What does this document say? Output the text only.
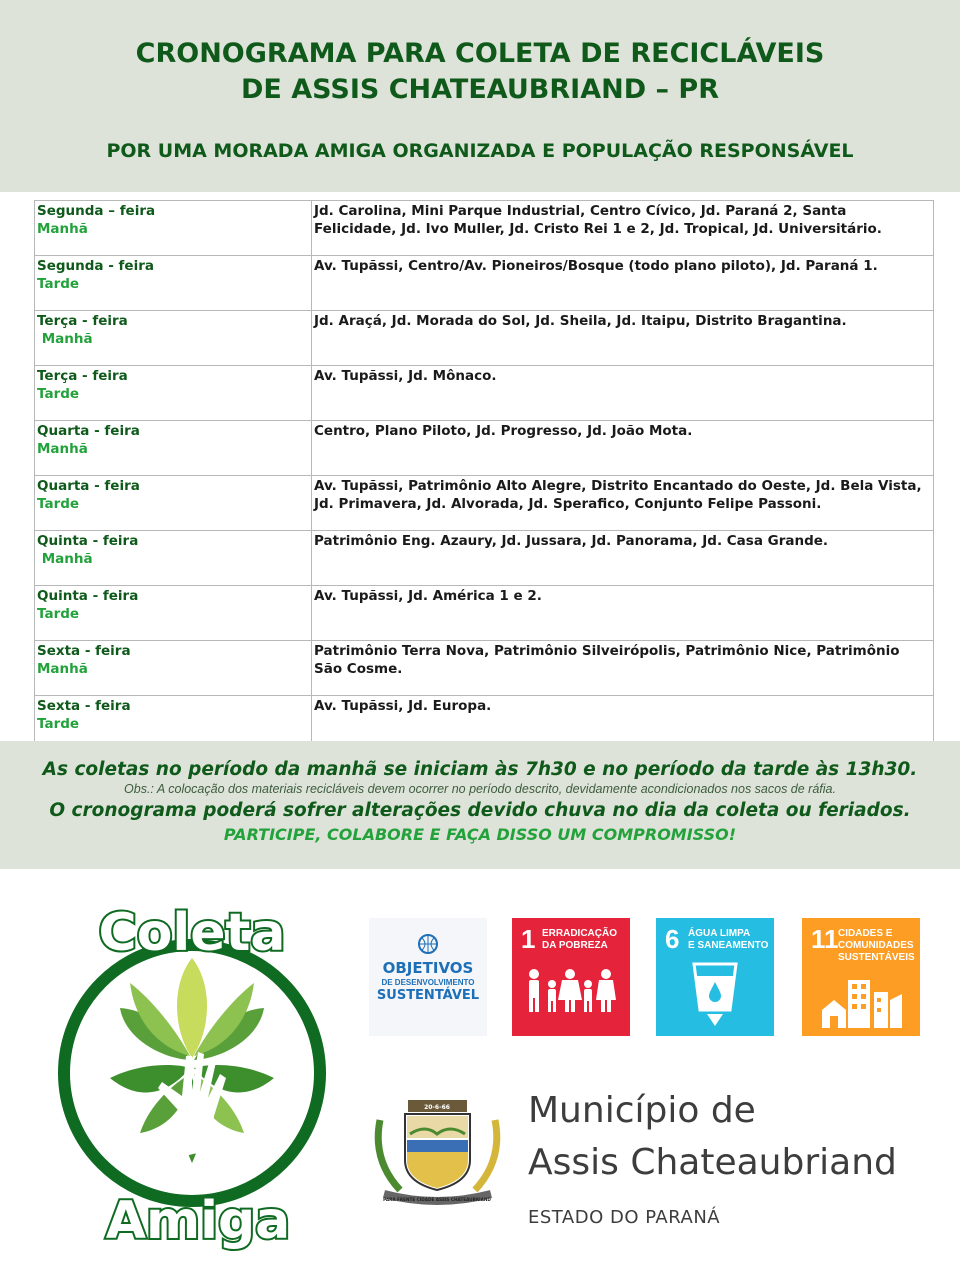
CRONOGRAMA PARA COLETA DE RECICLÁVEIS
DE ASSIS CHATEAUBRIAND – PR
POR UMA MORADA AMIGA ORGANIZADA E POPULAÇÃO RESPONSÁVEL
Segunda – feira
Manhã	Jd. Carolina, Mini Parque Industrial, Centro Cívico, Jd. Paraná 2, Santa Felicidade, Jd. Ivo Muller, Jd. Cristo Rei 1 e 2, Jd. Tropical, Jd. Universitário.

Segunda - feira
Tarde	Av. Tupãssi, Centro/Av. Pioneiros/Bosque (todo plano piloto), Jd. Paraná 1.

Terça - feira
Manhã	Jd. Araçá, Jd. Morada do Sol, Jd. Sheila, Jd. Itaipu, Distrito Bragantina.

Terça - feira
Tarde	Av. Tupãssi, Jd. Mônaco.

Quarta - feira
Manhã	Centro, Plano Piloto, Jd. Progresso, Jd. João Mota.

Quarta - feira
Tarde	Av. Tupãssi, Patrimônio Alto Alegre, Distrito Encantado do Oeste, Jd. Bela Vista, Jd. Primavera, Jd. Alvorada, Jd. Sperafico, Conjunto Felipe Passoni.

Quinta - feira
Manhã	Patrimônio Eng. Azaury, Jd. Jussara, Jd. Panorama, Jd. Casa Grande.

Quinta - feira
Tarde	Av. Tupãssi, Jd. América 1 e 2.

Sexta - feira
Manhã	Patrimônio Terra Nova, Patrimônio Silveirópolis, Patrimônio Nice, Patrimônio São Cosme.

Sexta - feira
Tarde	Av. Tupãssi, Jd. Europa.
As coletas no período da manhã se iniciam às 7h30 e no período da tarde às 13h30.
Obs.: A colocação dos materiais recicláveis devem ocorrer no período descrito, devidamente acondicionados nos sacos de ráfia.
O cronograma poderá sofrer alterações devido chuva no dia da coleta ou feriados.
PARTICIPE, COLABORE E FAÇA DISSO UM COMPROMISSO!
Coleta
Amiga
OBJETIVOS
DE DESENVOLVIMENTO
SUSTENTÁVEL
1 ERRADICAÇÃO
DA POBREZA 6 ÁGUA LIMPA
E SANEAMENTO 11 CIDADES E
COMUNIDADES
SUSTENTÁVEIS
20-6-66
PARA FRENTE CIDADE ASSIS CHATEAUBRIAND
Município de
Assis Chateaubriand
ESTADO DO PARANÁ
